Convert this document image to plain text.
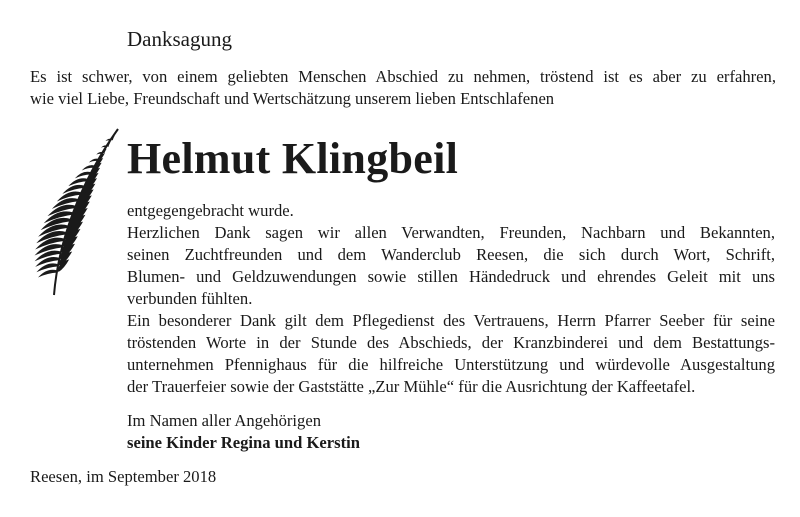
Danksagung
Es ist schwer, von einem geliebten Menschen Abschied zu nehmen, tröstend ist es aber zu erfahren,
wie viel Liebe, Freundschaft und Wertschätzung unserem lieben Entschlafenen
Helmut Klingbeil
entgegengebracht wurde.
Herzlichen Dank sagen wir allen Verwandten, Freunden, Nachbarn und Bekannten,
seinen Zuchtfreunden und dem Wanderclub Reesen, die sich durch Wort, Schrift,
Blumen- und Geldzuwendungen sowie stillen Händedruck und ehrendes Geleit mit uns
verbunden fühlten.
Ein besonderer Dank gilt dem Pflegedienst des Vertrauens, Herrn Pfarrer Seeber für seine
tröstenden Worte in der Stunde des Abschieds, der Kranzbinderei und dem Bestattungs-
unternehmen Pfennighaus für die hilfreiche Unterstützung und würdevolle Ausgestaltung
der Trauerfeier sowie der Gaststätte „Zur Mühle“ für die Ausrichtung der Kaffeetafel.
Im Namen aller Angehörigen
seine Kinder Regina und Kerstin
Reesen, im September 2018
